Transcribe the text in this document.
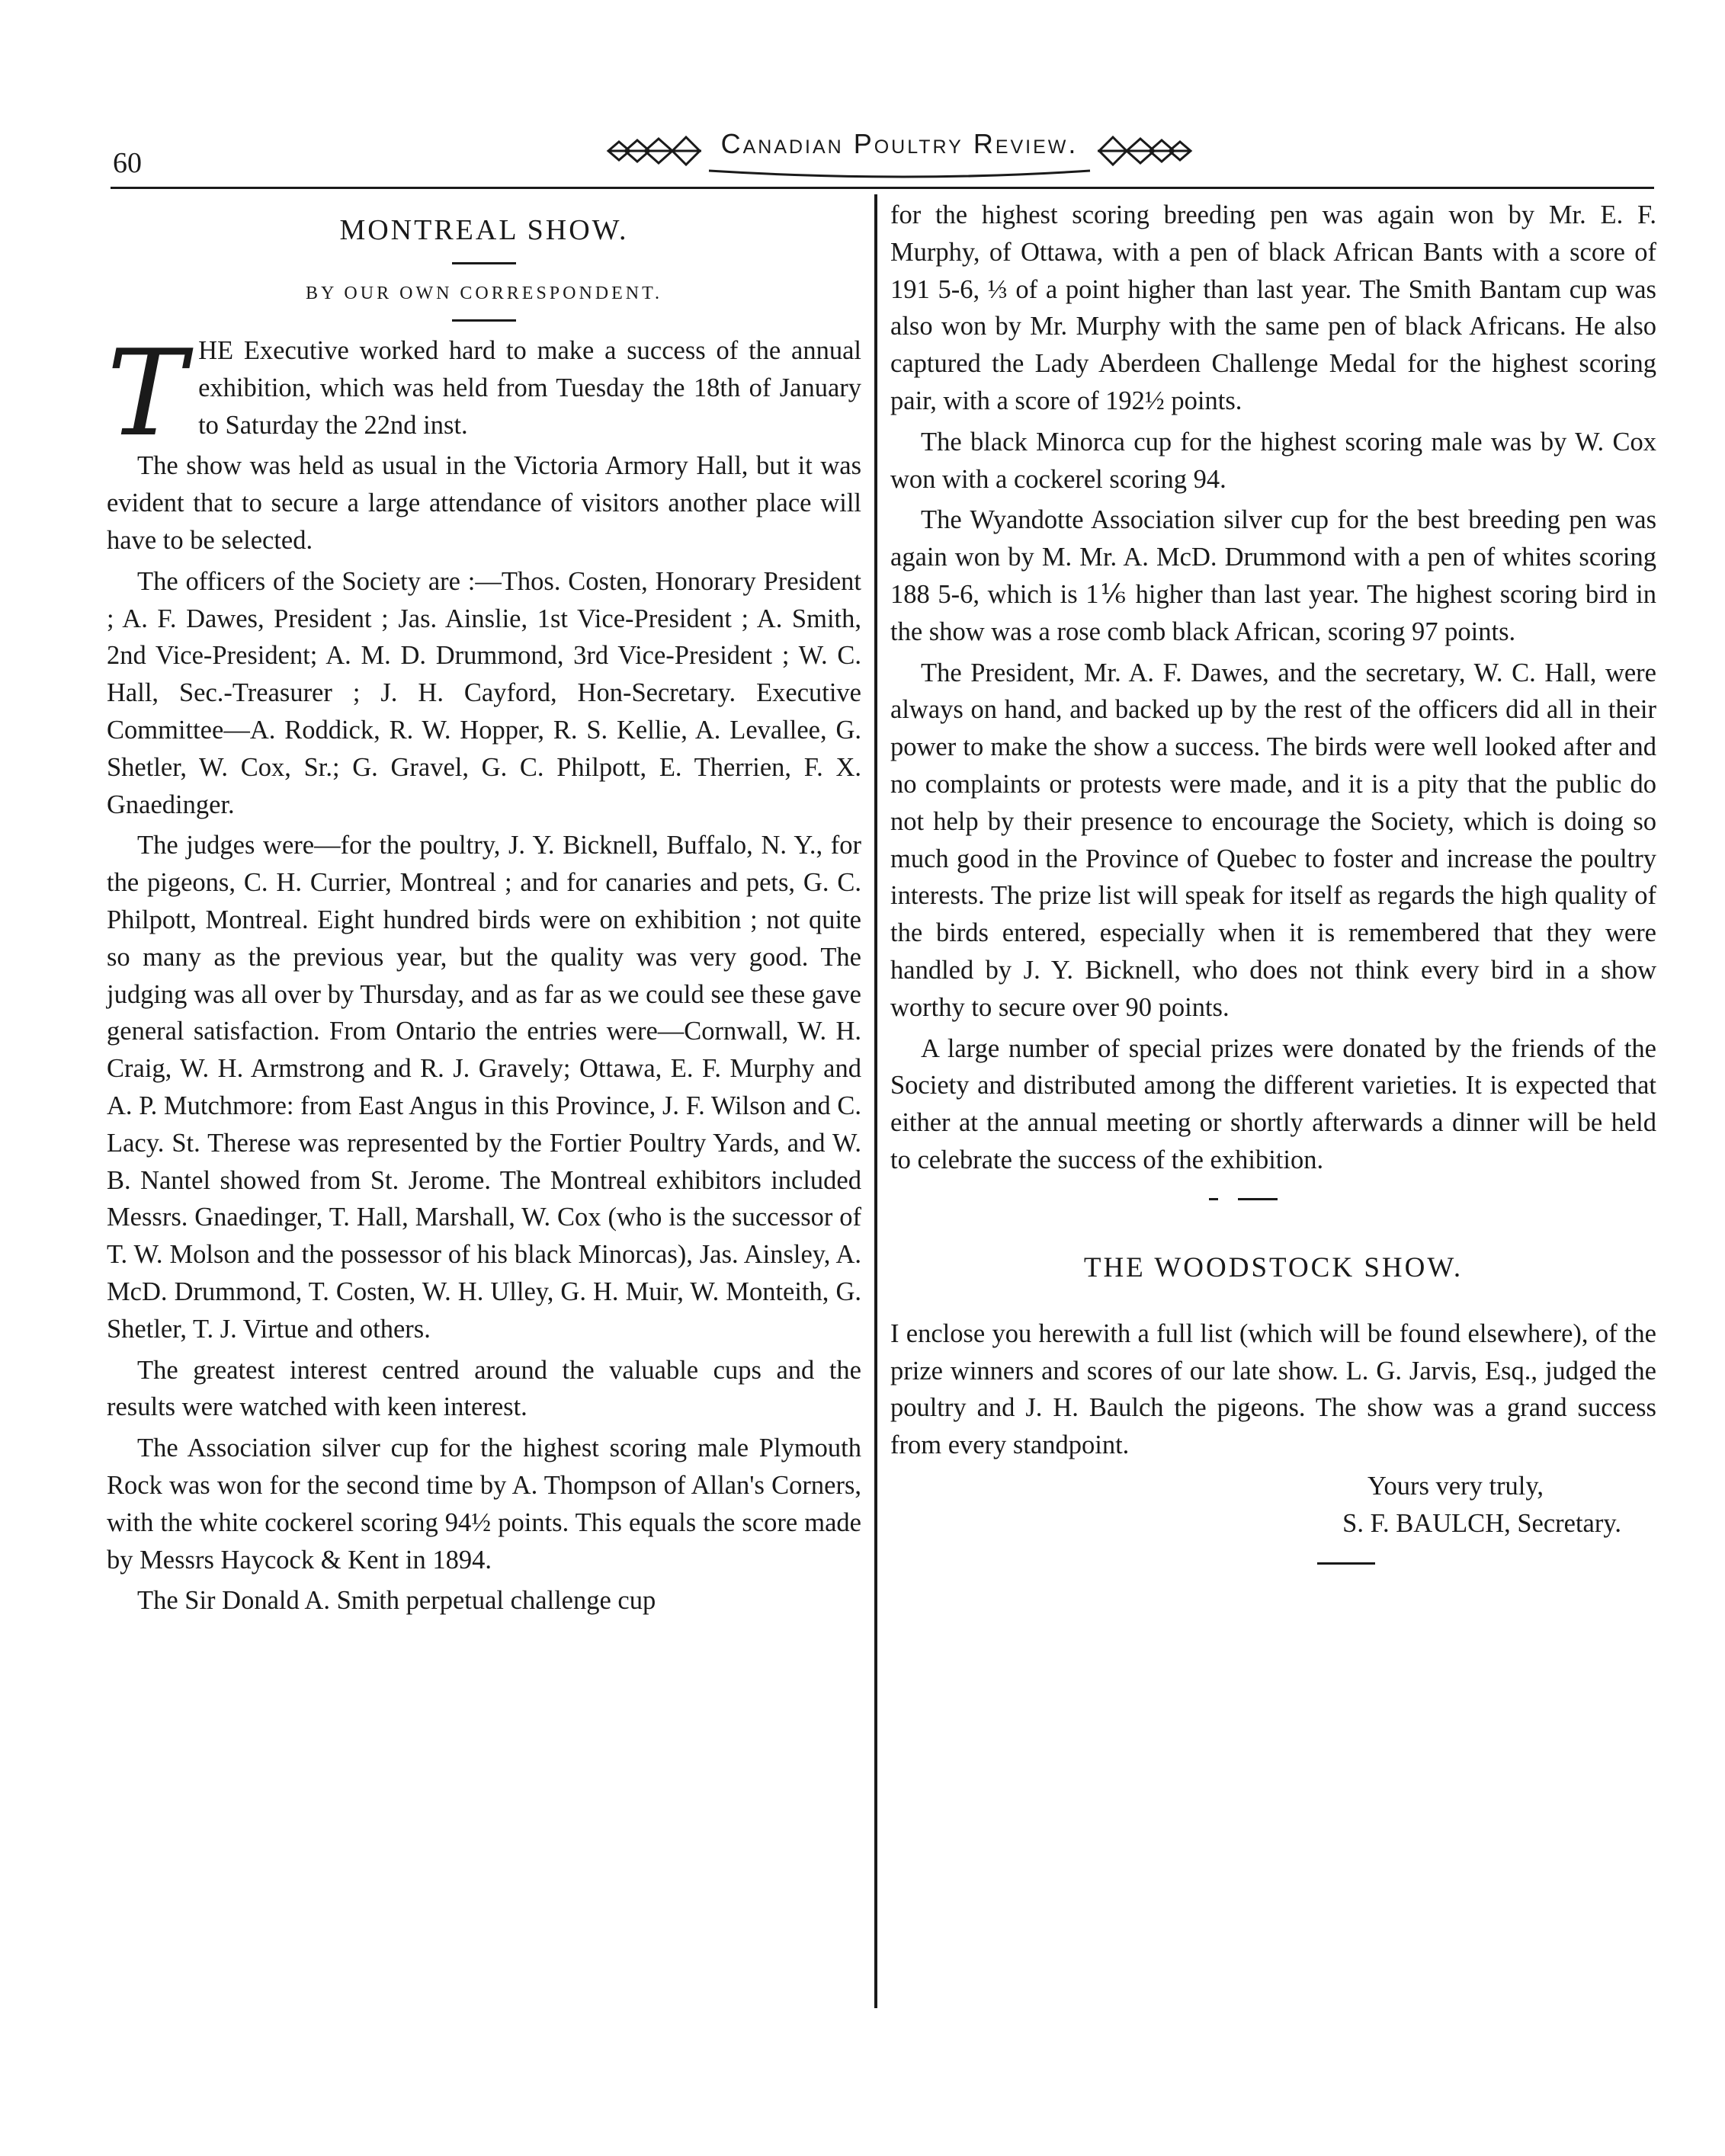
60
Canadian Poultry Review.
MONTREAL SHOW.
BY OUR OWN CORRESPONDENT.

THE Executive worked hard to make a success of the annual exhibition, which was held from Tuesday the 18th of January to Saturday the 22nd inst.

The show was held as usual in the Victoria Armory Hall, but it was evident that to secure a large attendance of visitors another place will have to be selected.

The officers of the Society are :—Thos. Costen, Honorary President ; A. F. Dawes, President ; Jas. Ainslie, 1st Vice-President ; A. Smith, 2nd Vice-President; A. M. D. Drummond, 3rd Vice-President ; W. C. Hall, Sec.-Treasurer ; J. H. Cayford, Hon-Secretary. Executive Committee—A. Roddick, R. W. Hopper, R. S. Kellie, A. Levallee, G. Shetler, W. Cox, Sr.; G. Gravel, G. C. Philpott, E. Therrien, F. X. Gnaedinger.

The judges were—for the poultry, J. Y. Bicknell, Buffalo, N. Y., for the pigeons, C. H. Currier, Montreal ; and for canaries and pets, G. C. Philpott, Montreal. Eight hundred birds were on exhibition ; not quite so many as the previous year, but the quality was very good. The judging was all over by Thursday, and as far as we could see these gave general satisfaction. From Ontario the entries were—Cornwall, W. H. Craig, W. H. Armstrong and R. J. Gravely; Ottawa, E. F. Murphy and A. P. Mutchmore: from East Angus in this Province, J. F. Wilson and C. Lacy. St. Therese was represented by the Fortier Poultry Yards, and W. B. Nantel showed from St. Jerome. The Montreal exhibitors included Messrs. Gnaedinger, T. Hall, Marshall, W. Cox (who is the successor of T. W. Molson and the possessor of his black Minorcas), Jas. Ainsley, A. McD. Drummond, T. Costen, W. H. Ulley, G. H. Muir, W. Monteith, G. Shetler, T. J. Virtue and others.

The greatest interest centred around the valuable cups and the results were watched with keen interest.

The Association silver cup for the highest scoring male Plymouth Rock was won for the second time by A. Thompson of Allan's Corners, with the white cockerel scoring 94½ points. This equals the score made by Messrs Haycock & Kent in 1894.

The Sir Donald A. Smith perpetual challenge cup

for the highest scoring breeding pen was again won by Mr. E. F. Murphy, of Ottawa, with a pen of black African Bants with a score of 191 5-6, ⅓ of a point higher than last year. The Smith Bantam cup was also won by Mr. Murphy with the same pen of black Africans. He also captured the Lady Aberdeen Challenge Medal for the highest scoring pair, with a score of 192½ points.

The black Minorca cup for the highest scoring male was by W. Cox won with a cockerel scoring 94.

The Wyandotte Association silver cup for the best breeding pen was again won by M. Mr. A. McD. Drummond with a pen of whites scoring 188 5-6, which is 1⅙ higher than last year. The highest scoring bird in the show was a rose comb black African, scoring 97 points.

The President, Mr. A. F. Dawes, and the secretary, W. C. Hall, were always on hand, and backed up by the rest of the officers did all in their power to make the show a success. The birds were well looked after and no complaints or protests were made, and it is a pity that the public do not help by their presence to encourage the Society, which is doing so much good in the Province of Quebec to foster and increase the poultry interests. The prize list will speak for itself as regards the high quality of the birds entered, especially when it is remembered that they were handled by J. Y. Bicknell, who does not think every bird in a show worthy to secure over 90 points.

A large number of special prizes were donated by the friends of the Society and distributed among the different varieties. It is expected that either at the annual meeting or shortly afterwards a dinner will be held to celebrate the success of the exhibition.

THE WOODSTOCK SHOW.

I enclose you herewith a full list (which will be found elsewhere), of the prize winners and scores of our late show. L. G. Jarvis, Esq., judged the poultry and J. H. Baulch the pigeons. The show was a grand success from every standpoint.

Yours very truly,
S. F. BAULCH, Secretary.
